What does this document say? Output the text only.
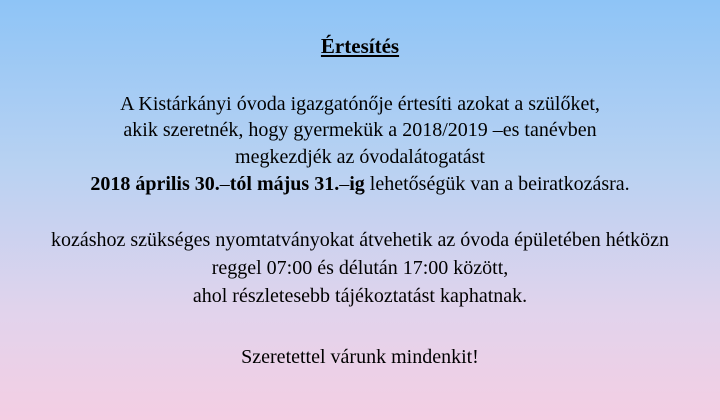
Értesítés
A Kistárkányi óvoda igazgatónője értesíti azokat a szülőket,
akik szeretnék, hogy gyermekük a 2018/2019 –es tanévben
megkezdjék az óvodalátogatást
2018 április 30.–tól május 31.–ig lehetőségük van a beiratkozásra.
kozáshoz szükséges nyomtatványokat átvehetik az óvoda épületében hétközn
reggel 07:00 és délután 17:00 között,
ahol részletesebb tájékoztatást kaphatnak.
Szeretettel várunk mindenkit!
